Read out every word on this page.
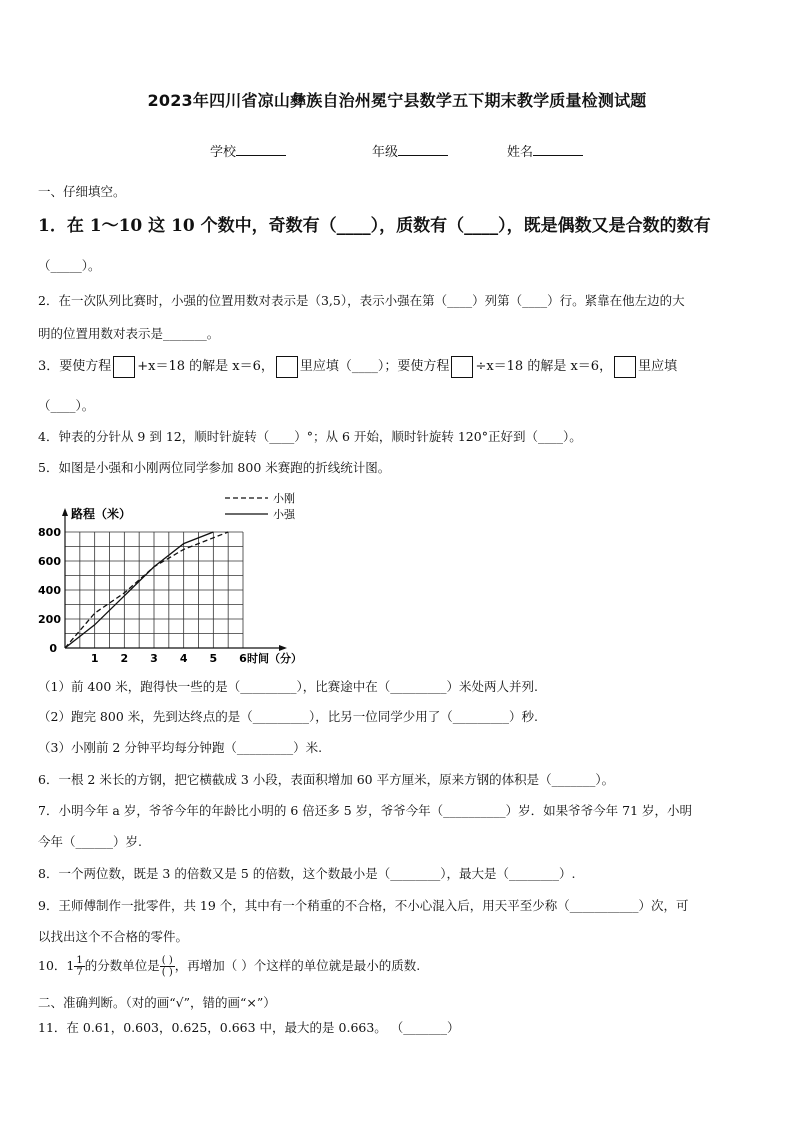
2023年四川省凉山彝族自治州冕宁县数学五下期末教学质量检测试题
学校	年级	姓名
一、仔细填空。
1．在 1～10 这 10 个数中，奇数有（____），质数有（____），既是偶数又是合数的数有
（_____）。
2．在一次队列比赛时，小强的位置用数对表示是（3,5），表示小强在第（____）列第（____）行。紧靠在他左边的大
明的位置用数对表示是_______。
3．要使方程 +x＝18 的解是 x＝6， 里应填（____）；要使方程 ÷x＝18 的解是 x＝6， 里应填
（____）。
4．钟表的分针从 9 到 12，顺时针旋转（____）°；从 6 开始，顺时针旋转 120°正好到（____）。
5．如图是小强和小刚两位同学参加 800 米赛跑的折线统计图。
1 2 3 4 5 6
200
400
600
800
0
路程（米）
时间（分）
小刚
小强
（1）前 400 米，跑得快一些的是（_________），比赛途中在（_________）米处两人并列.
（2）跑完 800 米，先到达终点的是（_________），比另一位同学少用了（_________）秒.
（3）小刚前 2 分钟平均每分钟跑（_________）米.
6．一根 2 米长的方钢，把它横截成 3 小段，表面积增加 60 平方厘米，原来方钢的体积是（_______）。
7．小明今年 a 岁，爷爷今年的年龄比小明的 6 倍还多 5 岁，爷爷今年（__________）岁．如果爷爷今年 71 岁，小明
今年（______）岁.
8．一个两位数，既是 3 的倍数又是 5 的倍数，这个数最小是（________），最大是（________）.
9．王师傅制作一批零件，共 19 个，其中有一个稍重的不合格，不小心混入后，用天平至少称（___________）次，可
以找出这个不合格的零件。
10．$1 \frac{1}{7}$ 的分数单位是 $\frac{( )}{( )}$ ，再增加（ ）个这样的单位就是最小的质数.
二、准确判断。（对的画“√”，错的画“×”）
11．在 0.61，0.603，0.625，0.663 中，最大的是 0.663。 （_______）
